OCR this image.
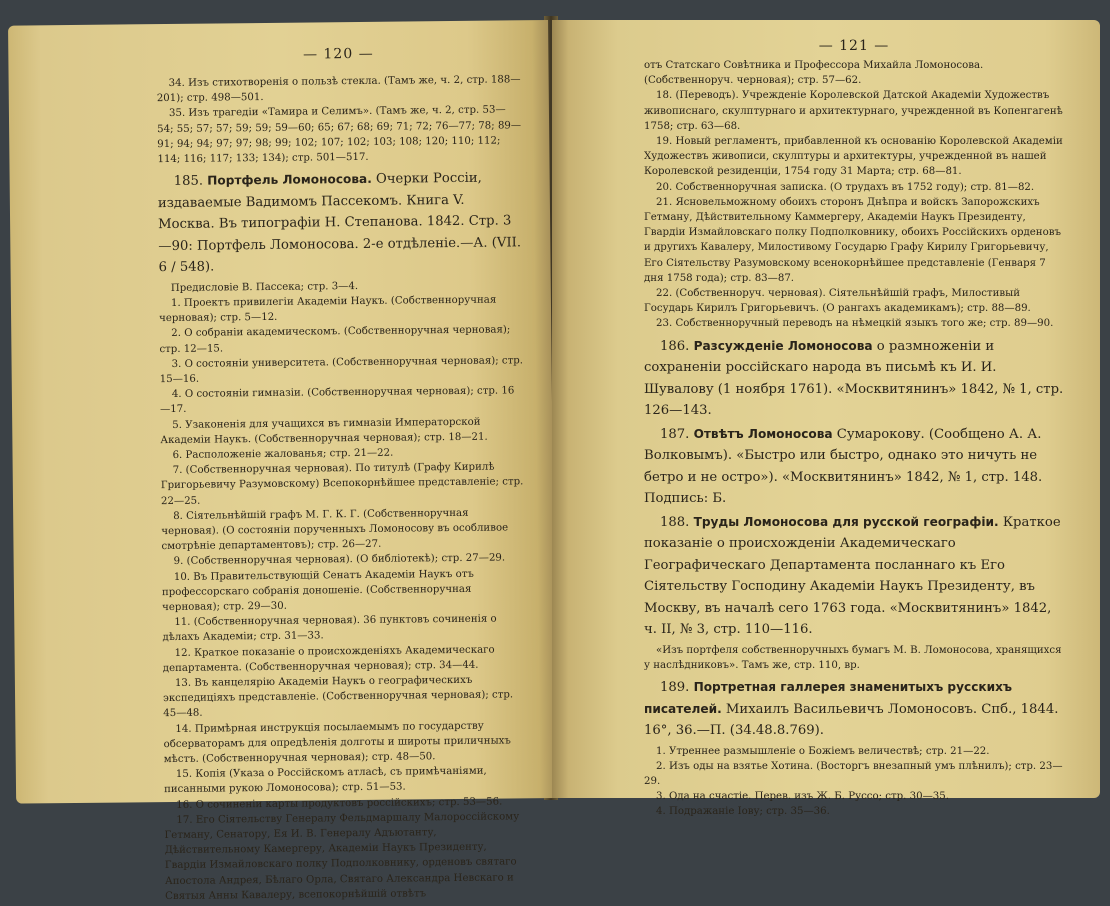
— 120 —

34. Изъ стихотворенія о пользѣ стекла. (Тамъ же, ч. 2, стр. 188—201); стр. 498—501.

35. Изъ трагедіи «Тамира и Селимъ». (Тамъ же, ч. 2, стр. 53—54; 55; 57; 57; 59; 59; 59—60; 65; 67; 68; 69; 71; 72; 76—77; 78; 89—91; 94; 94; 97; 97; 98; 99; 102; 107; 102; 103; 108; 120; 110; 112; 114; 116; 117; 133; 134); стр. 501—517.

185. Портфель Ломоносова. Очерки Россіи, издаваемые Вадимомъ Пассекомъ. Книга V. Москва. Въ типографіи Н. Степанова. 1842. Стр. 3—90: Портфель Ломоносова. 2-е отдѣленіе.—А. (VII. 6 / 548).

Предисловіе В. Пассека; стр. 3—4.

1. Проектъ привилегіи Академіи Наукъ. (Собственноручная черновая); стр. 5—12.

2. О собраніи академическомъ. (Собственноручная черновая); стр. 12—15.

3. О состояніи университета. (Собственноручная черновая); стр. 15—16.

4. О состояніи гимназіи. (Собственноручная черновая); стр. 16—17.

5. Узаконенія для учащихся въ гимназіи Императорской Академіи Наукъ. (Собственноручная черновая); стр. 18—21.

6. Расположеніе жалованья; стр. 21—22.

7. (Собственноручная черновая). По титулѣ (Графу Кирилѣ Григорьевичу Разумовскому) Всепокорнѣйшее представленіе; стр. 22—25.

8. Сіятельнѣйшій графъ М. Г. К. Г. (Собственноручная черновая). (О состояніи порученныхъ Ломоносову въ особливое смотрѣніе департаментовъ); стр. 26—27.

9. (Собственноручная черновая). (О библіотекѣ); стр. 27—29.

10. Въ Правительствующій Сенатъ Академіи Наукъ отъ профессорскаго собранія доношеніе. (Собственноручная черновая); стр. 29—30.

11. (Собственноручная черновая). 36 пунктовъ сочиненія о дѣлахъ Академіи; стр. 31—33.

12. Краткое показаніе о происхожденіяхъ Академическаго департамента. (Собственноручная черновая); стр. 34—44.

13. Въ канцелярію Академіи Наукъ о географическихъ экспедиціяхъ представленіе. (Собственноручная черновая); стр. 45—48.

14. Примѣрная инструкція посылаемымъ по государству обсерваторамъ для опредѣленія долготы и широты приличныхъ мѣстъ. (Собственноручная черновая); стр. 48—50.

15. Копія (Указа о Россійскомъ атласѣ, съ примѣчаніями, писанными рукою Ломоносова); стр. 51—53.

16. О сочиненіи карты продуктовъ россійскихъ; стр. 53—56.

17. Его Сіятельству Генералу Фельдмаршалу Малороссійскому Гетману, Сенатору, Ея И. В. Генералу Адъютанту, Дѣйствительному Камергеру, Академіи Наукъ Президенту, Гвардіи Измайловскаго полку Подполковнику, орденовъ святаго Апостола Андрея, Бѣлаго Орла, Святаго Александра Невскаго и Святыя Анны Кавалеру, всепокорнѣйшій отвѣтъ

— 121 —

отъ Статскаго Совѣтника и Профессора Михайла Ломоносова. (Собственноруч. черновая); стр. 57—62.

18. (Переводъ). Учрежденіе Королевской Датской Академіи Художествъ живописнаго, скулптурнаго и архитектурнаго, учрежденной въ Копенгагенѣ 1758; стр. 63—68.

19. Новый регламентъ, прибавленной къ основанію Королевской Академіи Художествъ живописи, скулптуры и архитектуры, учрежденной въ нашей Королевской резиденціи, 1754 году 31 Марта; стр. 68—81.

20. Собственноручная записка. (О трудахъ въ 1752 году); стр. 81—82.

21. Ясновельможному обоихъ сторонъ Днѣпра и войскъ Запорожскихъ Гетману, Дѣйствительному Каммергеру, Академіи Наукъ Президенту, Гвардіи Измайловскаго полку Подполковнику, обоихъ Россійскихъ орденовъ и другихъ Кавалеру, Милостивому Государю Графу Кирилу Григорьевичу, Его Сіятельству Разумовскому всенокорнѣйшее представленіе (Генваря 7 дня 1758 года); стр. 83—87.

22. (Собственноруч. черновая). Сіятельнѣйшій графъ, Милостивый Государь Кирилъ Григорьевичъ. (О рангахъ академикамъ); стр. 88—89.

23. Собственноручный переводъ на нѣмецкій языкъ того же; стр. 89—90.

186. Разсужденіе Ломоносова о размноженіи и сохраненіи россійскаго народа въ письмѣ къ И. И. Шувалову (1 ноября 1761). «Москвитянинъ» 1842, № 1, стр. 126—143.

187. Отвѣтъ Ломоносова Сумарокову. (Сообщено А. А. Волковымъ). «Быстро или быстро, однако это ничуть не бетро и не остро»). «Москвитянинъ» 1842, № 1, стр. 148. Подпись: Б.

188. Труды Ломоносова для русской географіи. Краткое показаніе о происхожденіи Академическаго Географическаго Департамента посланнаго къ Его Сіятельству Господину Академіи Наукъ Президенту, въ Москву, въ началѣ сего 1763 года. «Москвитянинъ» 1842, ч. II, № 3, стр. 110—116.

«Изъ портфеля собственноручныхъ бумагъ М. В. Ломоносова, хранящихся у наслѣдниковъ». Тамъ же, стр. 110, вр.

189. Портретная галлерея знаменитыхъ русскихъ писателей. Михаилъ Васильевичъ Ломоносовъ. Спб., 1844. 16°, 36.—П. (34.48.8.769).

1. Утреннее размышленіе о Божіемъ величествѣ; стр. 21—22.

2. Изъ оды на взятье Хотина. (Восторгъ внезапный умъ плѣнилъ); стр. 23—29.

3. Ода на счастіе. Перев. изъ Ж. Б. Руссо; стр. 30—35.

4. Подражаніе Іову; стр. 35—36.
